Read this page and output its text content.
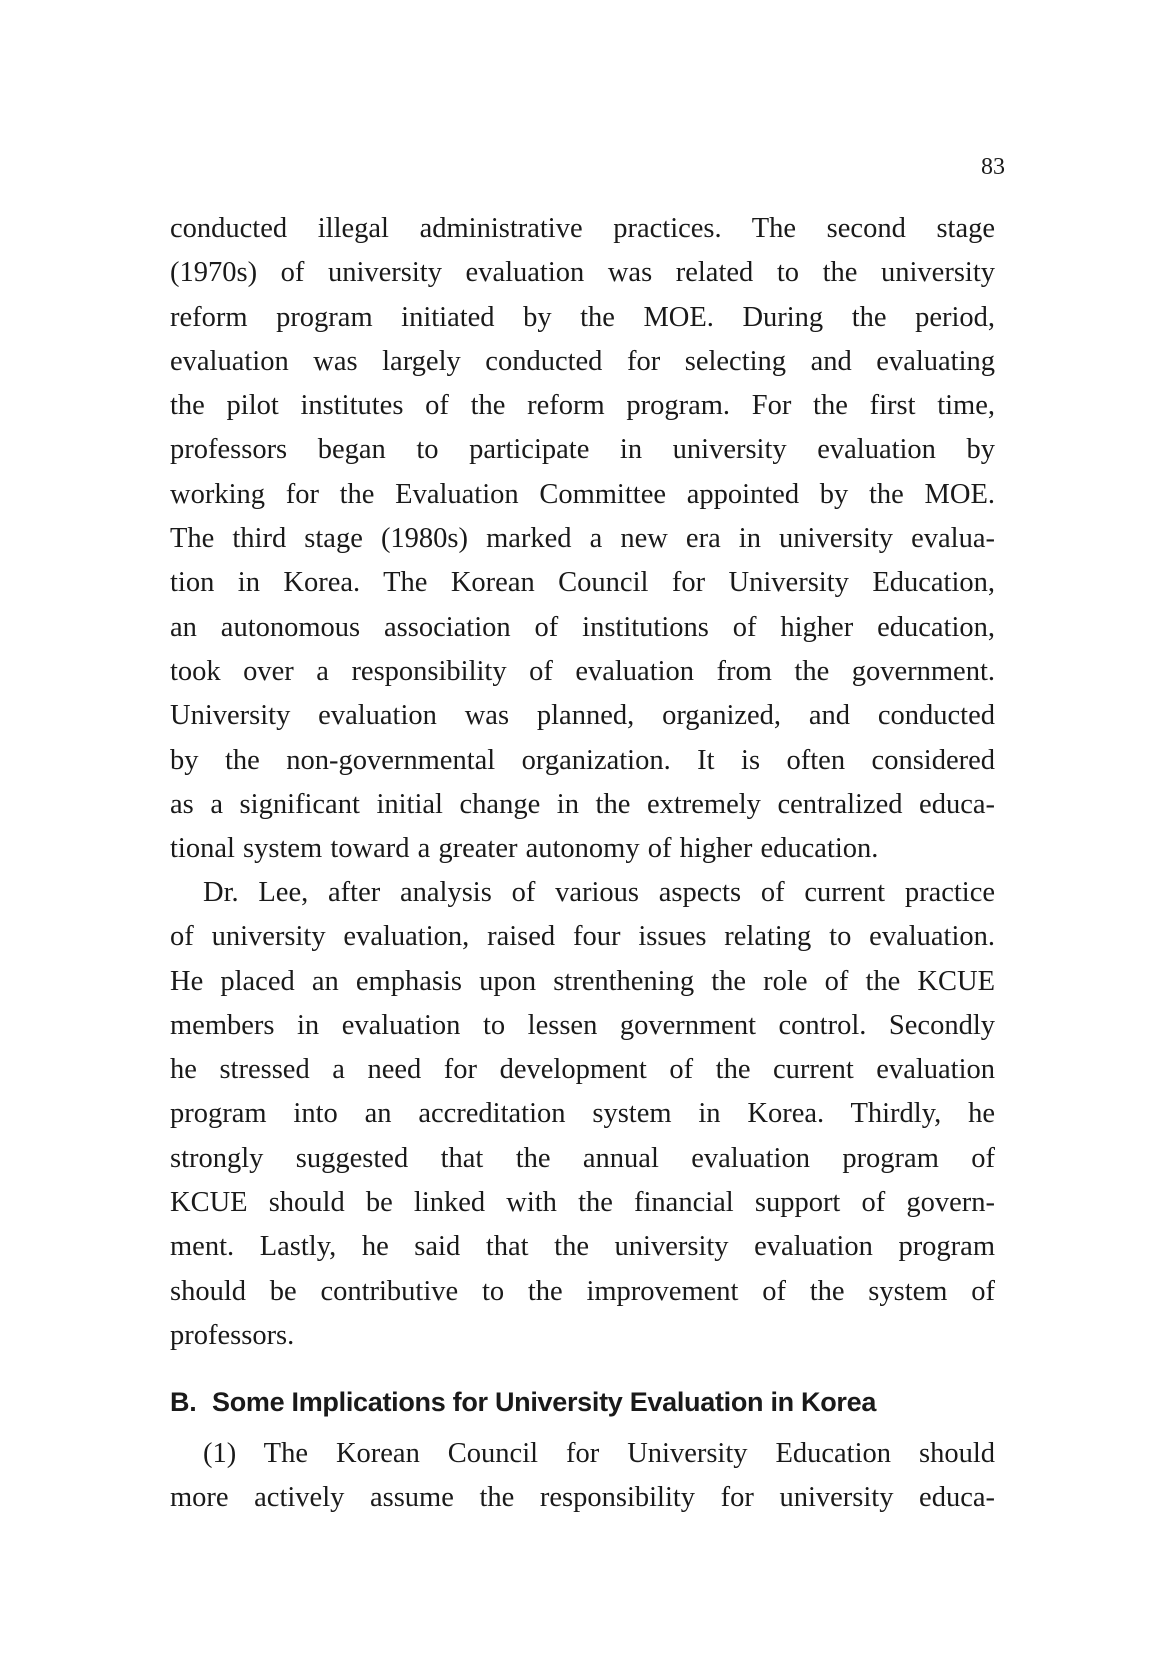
83
conducted illegal administrative practices. The second stage
(1970s) of university evaluation was related to the university
reform program initiated by the MOE. During the period,
evaluation was largely conducted for selecting and evaluating
the pilot institutes of the reform program. For the first time,
professors began to participate in university evaluation by
working for the Evaluation Committee appointed by the MOE.
The third stage (1980s) marked a new era in university evalua-
tion in Korea. The Korean Council for University Education,
an autonomous association of institutions of higher education,
took over a responsibility of evaluation from the government.
University evaluation was planned, organized, and conducted
by the non-governmental organization. It is often considered
as a significant initial change in the extremely centralized educa-
tional system toward a greater autonomy of higher education.
Dr. Lee, after analysis of various aspects of current practice
of university evaluation, raised four issues relating to evaluation.
He placed an emphasis upon strenthening the role of the KCUE
members in evaluation to lessen government control. Secondly
he stressed a need for development of the current evaluation
program into an accreditation system in Korea. Thirdly, he
strongly suggested that the annual evaluation program of
KCUE should be linked with the financial support of govern-
ment. Lastly, he said that the university evaluation program
should be contributive to the improvement of the system of
professors.
B. Some Implications for University Evaluation in Korea
(1) The Korean Council for University Education should
more actively assume the responsibility for university educa-
